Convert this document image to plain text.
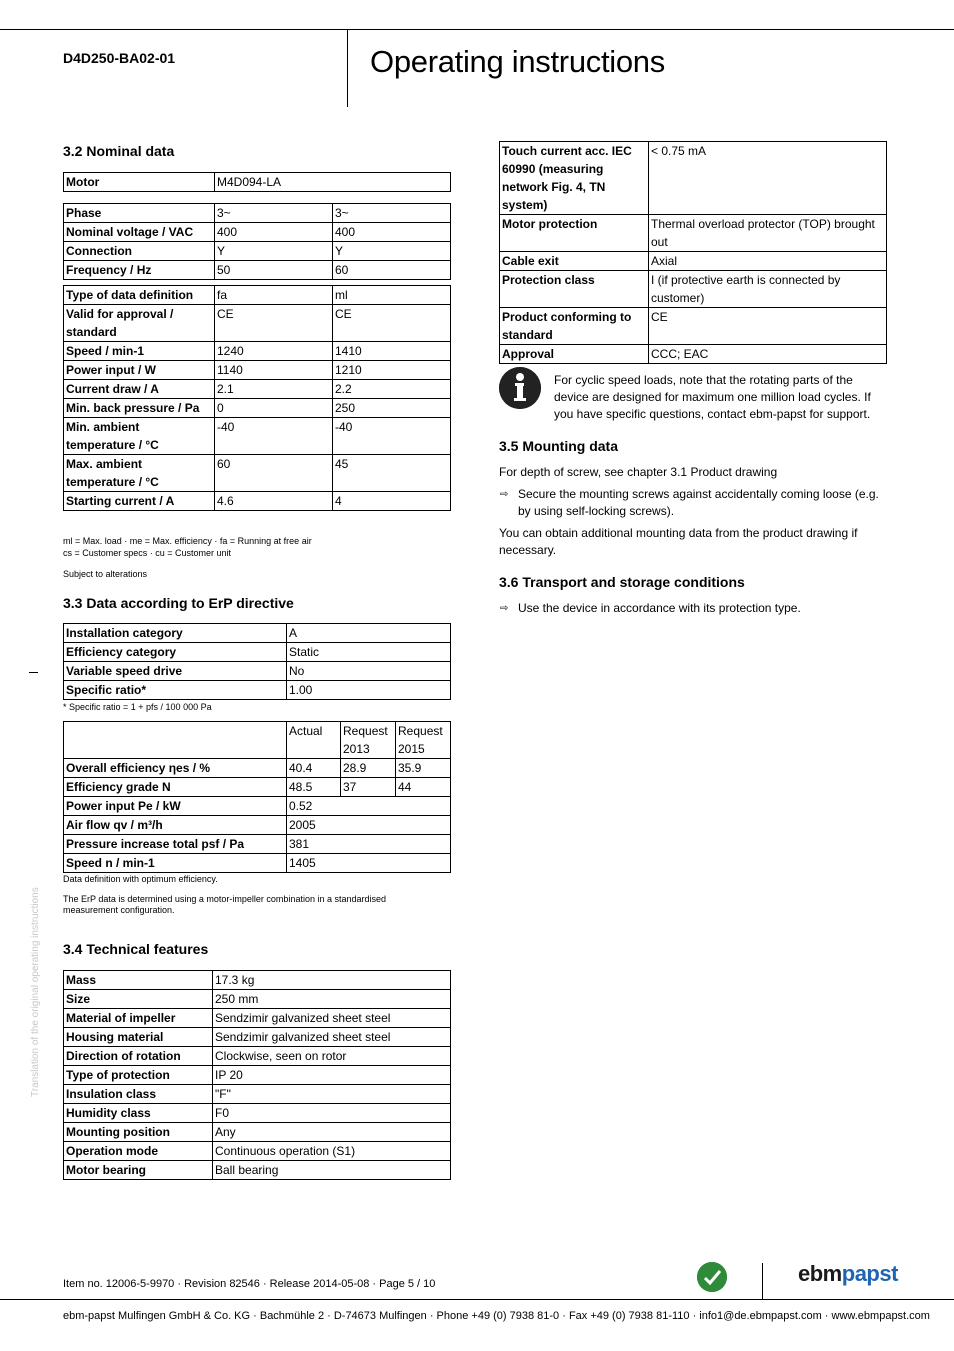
D4D250-BA02-01	Operating instructions
3.2 Nominal data
Motor	M4D094-LA
Phase	3~	3~
Nominal voltage / VAC	400	400
Connection	Y	Y
Frequency / Hz	50	60
Type of data definition	fa	ml
Valid for approval / standard	CE	CE
Speed / min-1	1240	1410
Power input / W	1140	1210
Current draw / A	2.1	2.2
Min. back pressure / Pa	0	250
Min. ambient temperature / °C	-40	-40
Max. ambient temperature / °C	60	45
Starting current / A	4.6	4
ml = Max. load · me = Max. efficiency · fa = Running at free air
cs = Customer specs · cu = Customer unit
Subject to alterations
3.3 Data according to ErP directive
Installation category	A
Efficiency category	Static
Variable speed drive	No
Specific ratio*	1.00
* Specific ratio = 1 + pfs / 100 000 Pa
	Actual	Request 2013	Request 2015
Overall efficiency ηes / %	40.4	28.9	35.9
Efficiency grade N	48.5	37	44
Power input Pe / kW	0.52		
Air flow qv / m³/h	2005		
Pressure increase total psf / Pa	381		
Speed n / min-1	1405		
Data definition with optimum efficiency.
The ErP data is determined using a motor-impeller combination in a standardised measurement configuration.
3.4 Technical features
Mass	17.3 kg
Size	250 mm
Material of impeller	Sendzimir galvanized sheet steel
Housing material	Sendzimir galvanized sheet steel
Direction of rotation	Clockwise, seen on rotor
Type of protection	IP 20
Insulation class	"F"
Humidity class	F0
Mounting position	Any
Operation mode	Continuous operation (S1)
Motor bearing	Ball bearing
Touch current acc. IEC 60990 (measuring network Fig. 4, TN system)	< 0.75 mA
Motor protection	Thermal overload protector (TOP) brought out
Cable exit	Axial
Protection class	I (if protective earth is connected by customer)
Product conforming to standard	CE
Approval	CCC; EAC
For cyclic speed loads, note that the rotating parts of the device are designed for maximum one million load cycles. If you have specific questions, contact ebm-papst for support.
3.5 Mounting data
For depth of screw, see chapter 3.1 Product drawing
⇨ Secure the mounting screws against accidentally coming loose (e.g. by using self-locking screws).
You can obtain additional mounting data from the product drawing if necessary.
3.6 Transport and storage conditions
⇨ Use the device in accordance with its protection type.
Translation of the original operating instructions
Item no. 12006-5-9970 · Revision 82546 · Release 2014-05-08 · Page 5 / 10	ebmpapst
ebm-papst Mulfingen GmbH & Co. KG · Bachmühle 2 · D-74673 Mulfingen · Phone +49 (0) 7938 81-0 · Fax +49 (0) 7938 81-110 · info1@de.ebmpapst.com · www.ebmpapst.com
